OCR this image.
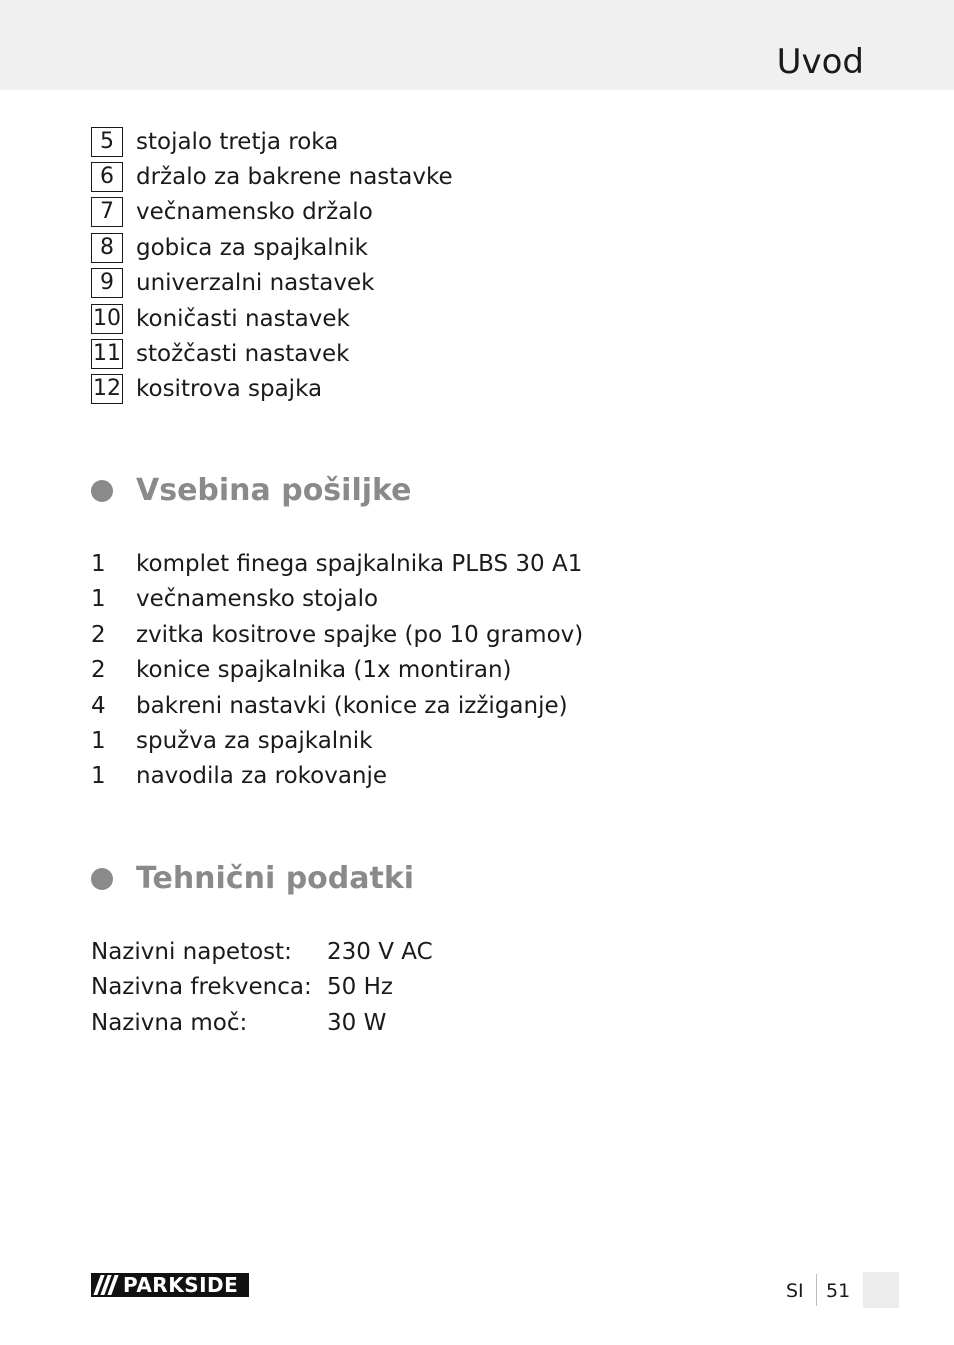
Uvod
5 stojalo tretja roka
6 držalo za bakrene nastavke
7 večnamensko držalo
8 gobica za spajkalnik
9 univerzalni nastavek
10 koničasti nastavek
11 stožčasti nastavek
12 kositrova spajka
Vsebina pošiljke
1 komplet finega spajkalnika PLBS 30 A1
1 večnamensko stojalo
2 zvitka kositrove spajke (po 10 gramov)
2 konice spajkalnika (1x montiran)
4 bakreni nastavki (konice za izžiganje)
1 spužva za spajkalnik
1 navodila za rokovanje
Tehnični podatki
Nazivni napetost: 230 V AC
Nazivna frekvenca: 50 Hz
Nazivna moč:	30 W
PARKSIDE	SI 51
